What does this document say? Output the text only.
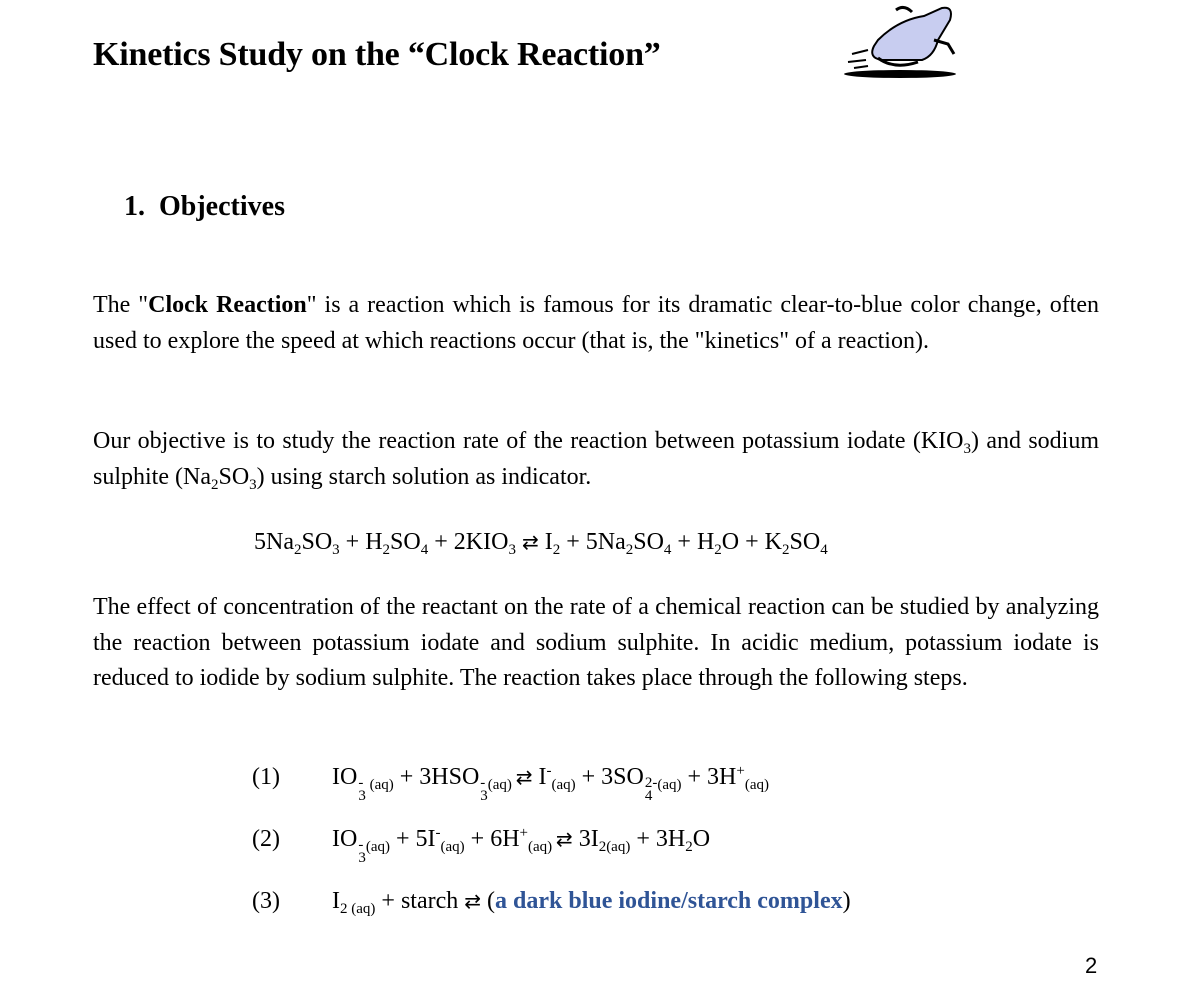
Kinetics Study on the “Clock Reaction”
1. Objectives

The "Clock Reaction" is a reaction which is famous for its dramatic clear-to-blue color change, often used to explore the speed at which reactions occur (that is, the "kinetics" of a reaction).

Our objective is to study the reaction rate of the reaction between potassium iodate $(KIO_3)$ and sodium sulphite $(Na_2SO_3)$ using starch solution as indicator.

$5Na_2SO_3 + H_2SO_4 + 2KIO_3$ ⇄ $I_2 + 5Na_2SO_4 + H_2O + K_2SO_4$

The effect of concentration of the reactant on the rate of a chemical reaction can be studied by analyzing the reaction between potassium iodate and sodium sulphite. In acidic medium, potassium iodate is reduced to iodide by sodium sulphite. The reaction takes place through the following steps.

(1) IO -
3
$_{(aq)}$ + 3HSO -
3
$_{(aq)}$ ⇄ $I^-_{(aq)} + 3SO$ 2-
4
$_{(aq)} + 3H^+_{(aq)}$
(2) IO -
3
$_{(aq)} + 5I^-_{(aq)} + 6H^+_{(aq)}$ ⇄ $3I_{2(aq)} + 3H_2O$
(3) $I_{2 (aq)}$ + starch ⇄ (a dark blue iodine/starch complex)
2
